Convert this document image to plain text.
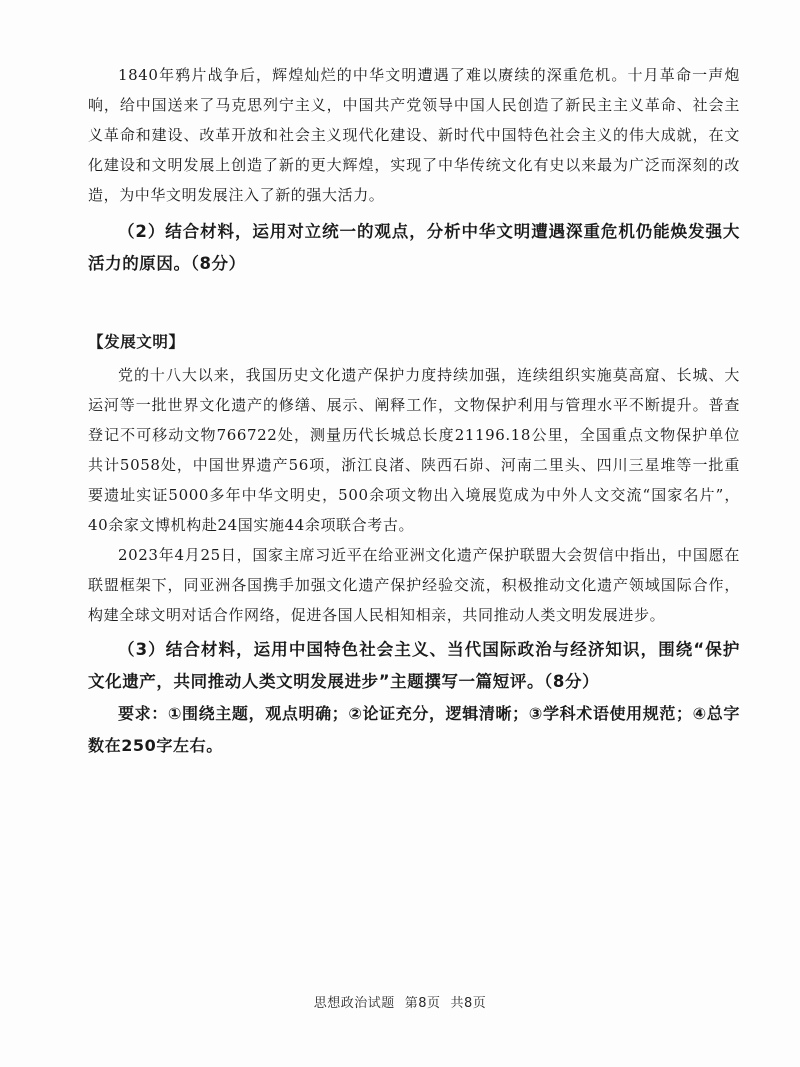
1840年鸦片战争后，辉煌灿烂的中华文明遭遇了难以赓续的深重危机。十月革命一声炮响，给中国送来了马克思列宁主义，中国共产党领导中国人民创造了新民主主义革命、社会主义革命和建设、改革开放和社会主义现代化建设、新时代中国特色社会主义的伟大成就，在文化建设和文明发展上创造了新的更大辉煌，实现了中华传统文化有史以来最为广泛而深刻的改造，为中华文明发展注入了新的强大活力。

（2）结合材料，运用对立统一的观点，分析中华文明遭遇深重危机仍能焕发强大活力的原因。（8分）

【发展文明】

党的十八大以来，我国历史文化遗产保护力度持续加强，连续组织实施莫高窟、长城、大运河等一批世界文化遗产的修缮、展示、阐释工作，文物保护利用与管理水平不断提升。普查登记不可移动文物766722处，测量历代长城总长度21196.18公里，全国重点文物保护单位共计5058处，中国世界遗产56项，浙江良渚、陕西石峁、河南二里头、四川三星堆等一批重要遗址实证5000多年中华文明史，500余项文物出入境展览成为中外人文交流“国家名片”，40余家文博机构赴24国实施44余项联合考古。

2023年4月25日，国家主席习近平在给亚洲文化遗产保护联盟大会贺信中指出，中国愿在联盟框架下，同亚洲各国携手加强文化遗产保护经验交流，积极推动文化遗产领域国际合作，构建全球文明对话合作网络，促进各国人民相知相亲，共同推动人类文明发展进步。

（3）结合材料，运用中国特色社会主义、当代国际政治与经济知识，围绕“保护文化遗产，共同推动人类文明发展进步”主题撰写一篇短评。（8分）

要求：①围绕主题，观点明确；②论证充分，逻辑清晰；③学科术语使用规范；④总字数在250字左右。

思想政治试题 第8页 共8页
